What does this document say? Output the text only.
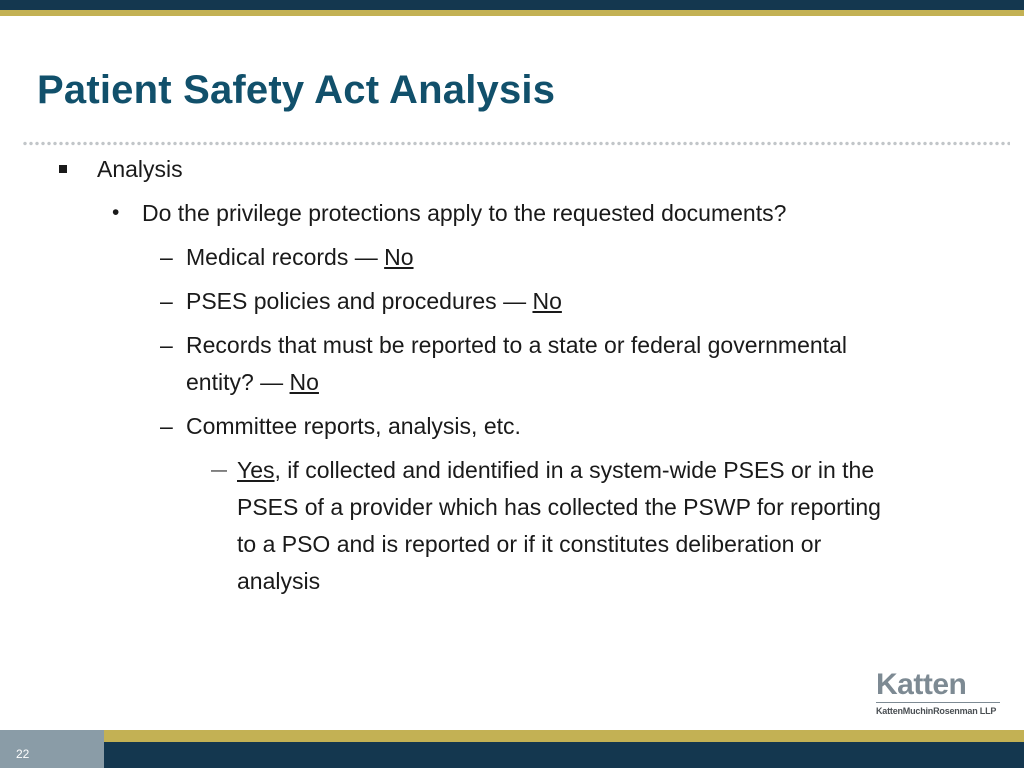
Patient Safety Act Analysis
Analysis
• Do the privilege protections apply to the requested documents?
– Medical records — No
– PSES policies and procedures — No
– Records that must be reported to a state or federal governmental
entity? — No
– Committee reports, analysis, etc.
— Yes, if collected and identified in a system-wide PSES or in the
PSES of a provider which has collected the PSWP for reporting
to a PSO and is reported or if it constitutes deliberation or
analysis
Katten
KattenMuchinRosenman LLP
22
